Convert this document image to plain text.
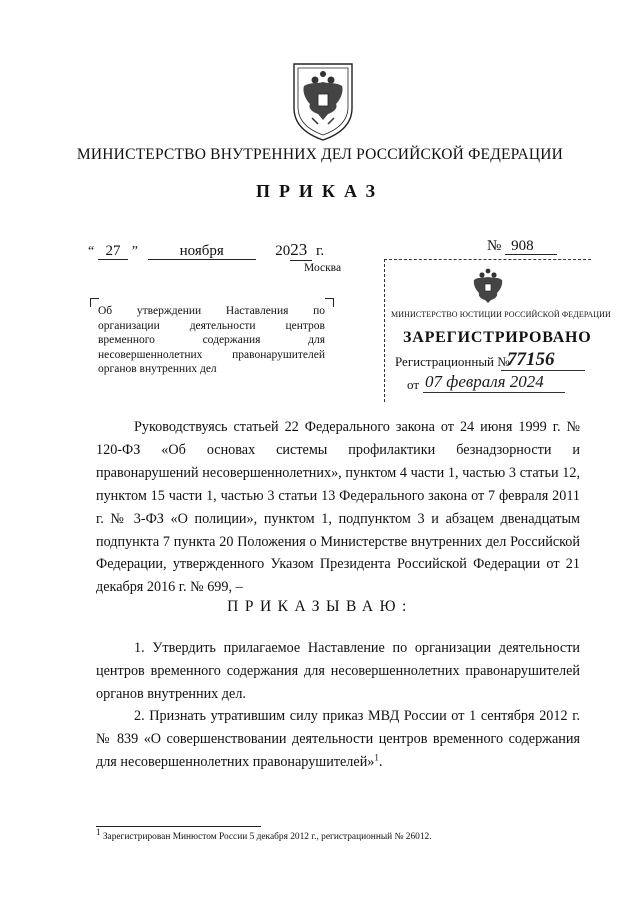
МИНИСТЕРСТВО ВНУТРЕННИХ ДЕЛ РОССИЙСКОЙ ФЕДЕРАЦИИ
ПРИКАЗ
“ 27 ”	ноября	2023 г.
Москва
№ 908
МИНИСТЕРСТВО ЮСТИЦИИ РОССИЙСКОЙ ФЕДЕРАЦИИ
ЗАРЕГИСТРИРОВАНО
Регистрационный №
77156
от 07 февраля 2024
Об утверждении Наставления по
организации деятельности центров
временного содержания для
несовершеннолетних правонарушителей
органов внутренних дел

Руководствуясь статьей 22 Федерального закона от 24 июня 1999 г. № 120-ФЗ «Об основах системы профилактики безнадзорности и правонарушений несовершеннолетних», пунктом 4 части 1, частью 3 статьи 12, пунктом 15 части 1, частью 3 статьи 13 Федерального закона от 7 февраля 2011 г. № 3-ФЗ «О полиции», пунктом 1, подпунктом 3 и абзацем двенадцатым подпункта 7 пункта 20 Положения о Министерстве внутренних дел Российской Федерации, утвержденного Указом Президента Российской Федерации от 21 декабря 2016 г. № 699, –

ПРИКАЗЫВАЮ:

1. Утвердить прилагаемое Наставление по организации деятельности центров временного содержания для несовершеннолетних правонарушителей органов внутренних дел.

2. Признать утратившим силу приказ МВД России от 1 сентября 2012 г. № 839 «О совершенствовании деятельности центров временного содержания для несовершеннолетних правонарушителей»$^1$.

$^1$ Зарегистрирован Минюстом России 5 декабря 2012 г., регистрационный № 26012.
